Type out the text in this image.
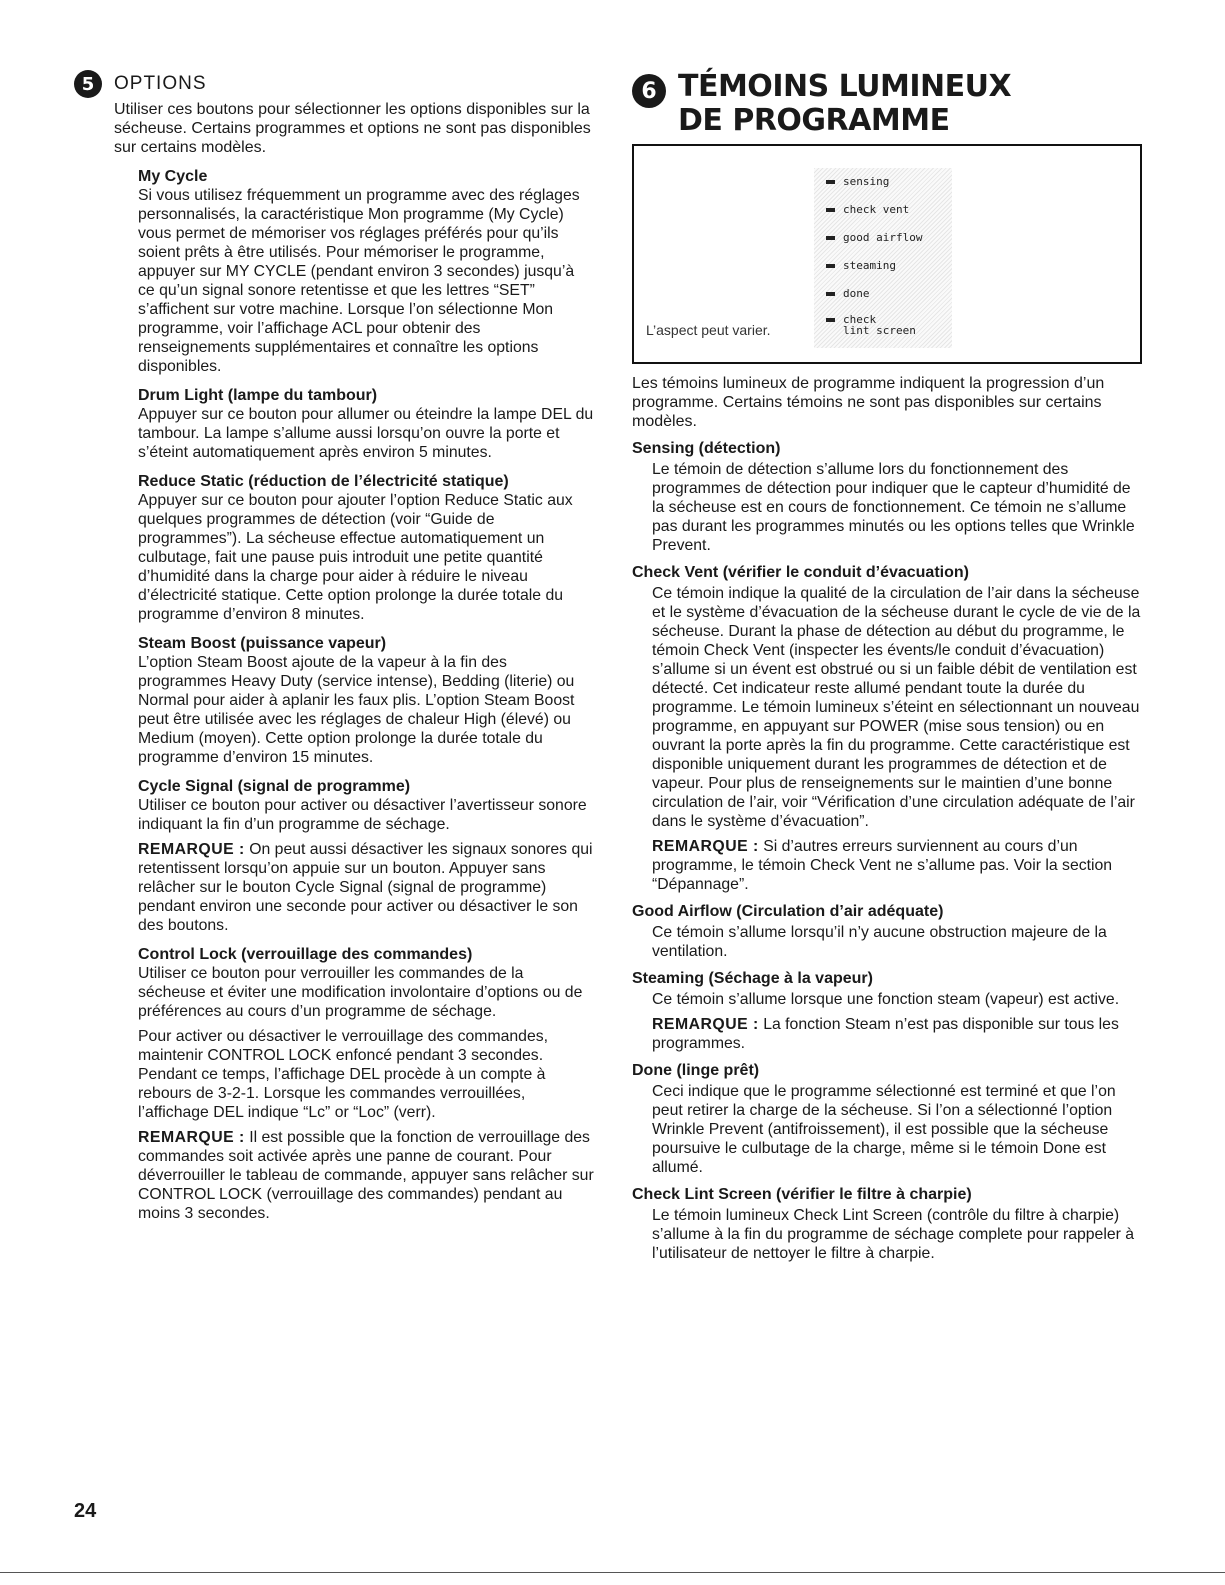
5	OPTIONS

Utiliser ces boutons pour sélectionner les options disponibles sur la sécheuse. Certains programmes et options ne sont pas disponibles sur certains modèles.

My Cycle

Si vous utilisez fréquemment un programme avec des réglages personnalisés, la caractéristique Mon programme (My Cycle) vous permet de mémoriser vos réglages préférés pour qu’ils soient prêts à être utilisés. Pour mémoriser le programme, appuyer sur MY CYCLE (pendant environ 3 secondes) jusqu’à ce qu’un signal sonore retentisse et que les lettres “SET” s’affichent sur votre machine. Lorsque l’on sélectionne Mon programme, voir l’affichage ACL pour obtenir des renseignements supplémentaires et connaître les options disponibles.

Drum Light (lampe du tambour)

Appuyer sur ce bouton pour allumer ou éteindre la lampe DEL du tambour. La lampe s’allume aussi lorsqu’on ouvre la porte et s’éteint automatiquement après environ 5 minutes.

Reduce Static (réduction de l’électricité statique)

Appuyer sur ce bouton pour ajouter l’option Reduce Static aux quelques programmes de détection (voir “Guide de programmes”). La sécheuse effectue automatiquement un culbutage, fait une pause puis introduit une petite quantité d’humidité dans la charge pour aider à réduire le niveau d’électricité statique. Cette option prolonge la durée totale du programme d’environ 8 minutes.

Steam Boost (puissance vapeur)

L’option Steam Boost ajoute de la vapeur à la fin des programmes Heavy Duty (service intense), Bedding (literie) ou Normal pour aider à aplanir les faux plis. L’option Steam Boost peut être utilisée avec les réglages de chaleur High (élevé) ou Medium (moyen). Cette option prolonge la durée totale du programme d’environ 15 minutes.

Cycle Signal (signal de programme)

Utiliser ce bouton pour activer ou désactiver l’avertisseur sonore indiquant la fin d’un programme de séchage.

REMARQUE : On peut aussi désactiver les signaux sonores qui retentissent lorsqu’on appuie sur un bouton. Appuyer sans relâcher sur le bouton Cycle Signal (signal de programme) pendant environ une seconde pour activer ou désactiver le son des boutons.

Control Lock (verrouillage des commandes)

Utiliser ce bouton pour verrouiller les commandes de la sécheuse et éviter une modification involontaire d’options ou de préférences au cours d’un programme de séchage.

Pour activer ou désactiver le verrouillage des commandes, maintenir CONTROL LOCK enfoncé pendant 3 secondes. Pendant ce temps, l’affichage DEL procède à un compte à rebours de 3-2-1. Lorsque les commandes verrouillées, l’affichage DEL indique “Lc” or “Loc” (verr).

REMARQUE : Il est possible que la fonction de verrouillage des commandes soit activée après une panne de courant. Pour déverrouiller le tableau de commande, appuyer sans relâcher sur CONTROL LOCK (verrouillage des commandes) pendant au moins 3 secondes.

6 TÉMOINS LUMINEUX
DE PROGRAMME
sensing
check vent
good airflow
steaming
done
check
lint screen
L’aspect peut varier.

Les témoins lumineux de programme indiquent la progression d’un programme. Certains témoins ne sont pas disponibles sur certains modèles.

Sensing (détection)

Le témoin de détection s’allume lors du fonctionnement des programmes de détection pour indiquer que le capteur d’humidité de la sécheuse est en cours de fonctionnement. Ce témoin ne s’allume pas durant les programmes minutés ou les options telles que Wrinkle Prevent.

Check Vent (vérifier le conduit d’évacuation)

Ce témoin indique la qualité de la circulation de l’air dans la sécheuse et le système d’évacuation de la sécheuse durant le cycle de vie de la sécheuse. Durant la phase de détection au début du programme, le témoin Check Vent (inspecter les évents/le conduit d’évacuation) s’allume si un évent est obstrué ou si un faible débit de ventilation est détecté. Cet indicateur reste allumé pendant toute la durée du programme. Le témoin lumineux s’éteint en sélectionnant un nouveau programme, en appuyant sur POWER (mise sous tension) ou en ouvrant la porte après la fin du programme. Cette caractéristique est disponible uniquement durant les programmes de détection et de vapeur. Pour plus de renseignements sur le maintien d’une bonne circulation de l’air, voir “Vérification d’une circulation adéquate de l’air dans le système d’évacuation”.

REMARQUE : Si d’autres erreurs surviennent au cours d’un programme, le témoin Check Vent ne s’allume pas. Voir la section “Dépannage”.

Good Airflow (Circulation d’air adéquate)

Ce témoin s’allume lorsqu’il n’y aucune obstruction majeure de la ventilation.

Steaming (Séchage à la vapeur)

Ce témoin s’allume lorsque une fonction steam (vapeur) est active.

REMARQUE : La fonction Steam n’est pas disponible sur tous les programmes.

Done (linge prêt)

Ceci indique que le programme sélectionné est terminé et que l’on peut retirer la charge de la sécheuse. Si l’on a sélectionné l’option Wrinkle Prevent (antifroissement), il est possible que la sécheuse poursuive le culbutage de la charge, même si le témoin Done est allumé.

Check Lint Screen (vérifier le filtre à charpie)

Le témoin lumineux Check Lint Screen (contrôle du filtre à charpie) s’allume à la fin du programme de séchage complete pour rappeler à l’utilisateur de nettoyer le filtre à charpie.

24
